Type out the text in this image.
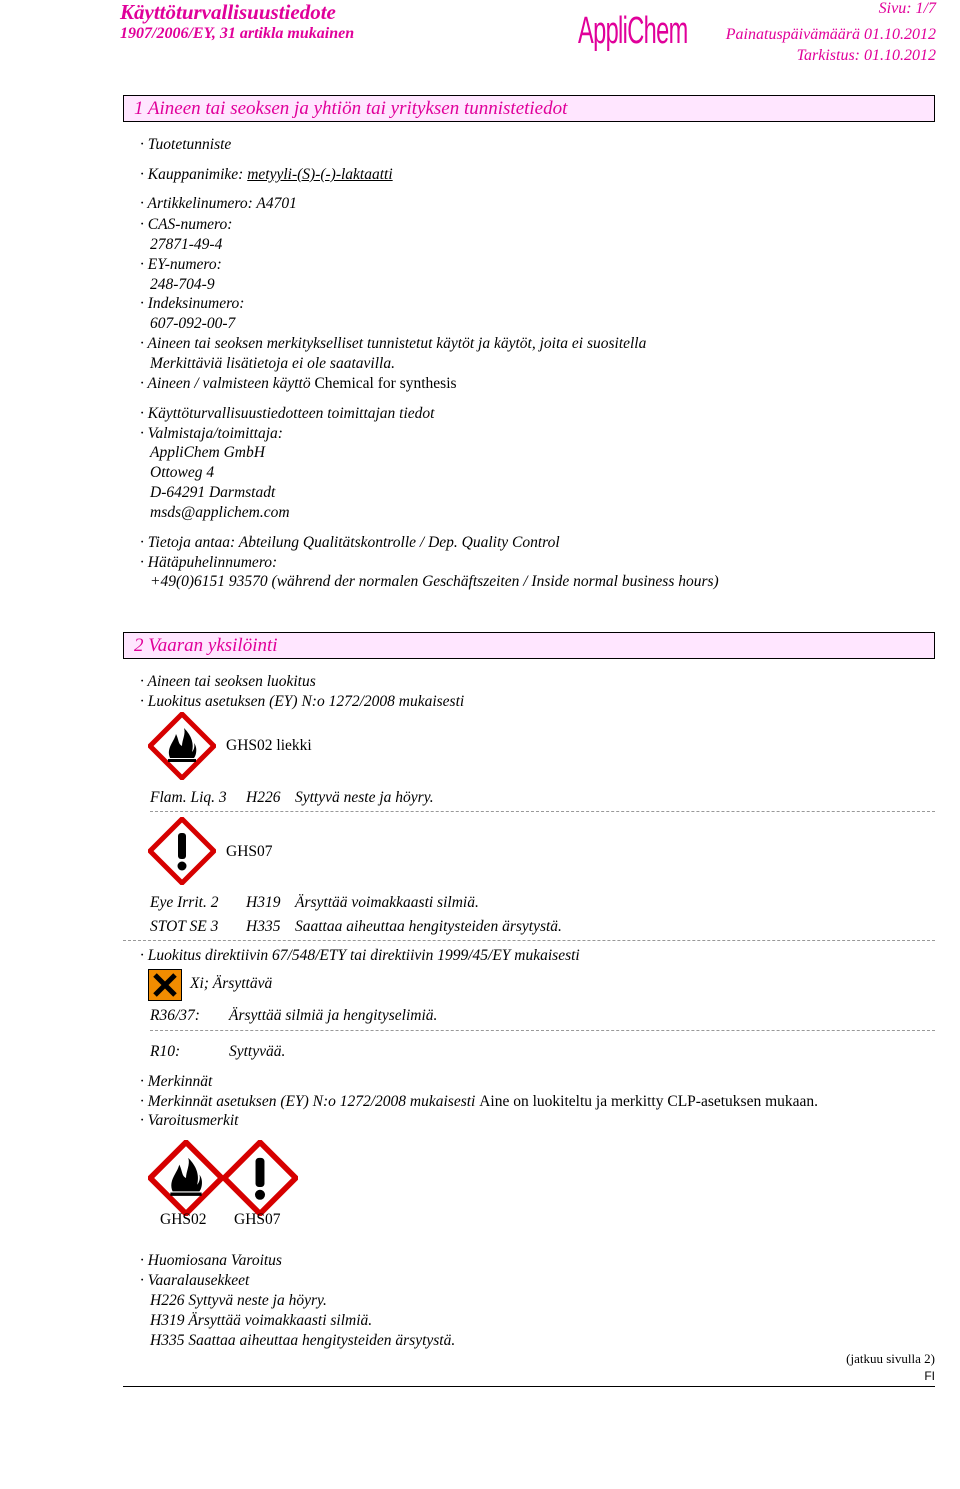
Käyttöturvallisuustiedote
1907/2006/EY, 31 artikla mukainen
Sivu: 1/7
AppliChem Painatuspäivämäärä 01.10.2012
Tarkistus: 01.10.2012
1 Aineen tai seoksen ja yhtiön tai yrityksen tunnistetiedot
· Tuotetunniste
· Kauppanimike: metyyli-(S)-(-)-laktaatti
· Artikkelinumero: A4701
· CAS-numero:
27871-49-4
· EY-numero:
248-704-9
· Indeksinumero:
607-092-00-7
· Aineen tai seoksen merkitykselliset tunnistetut käytöt ja käytöt, joita ei suositella
Merkittäviä lisätietoja ei ole saatavilla.
· Aineen / valmisteen käyttö Chemical for synthesis
· Käyttöturvallisuustiedotteen toimittajan tiedot
· Valmistaja/toimittaja:
AppliChem GmbH
Ottoweg 4
D-64291 Darmstadt
msds@applichem.com
· Tietoja antaa: Abteilung Qualitätskontrolle / Dep. Quality Control
· Hätäpuhelinnumero:
+49(0)6151 93570 (während der normalen Geschäftszeiten / Inside normal business hours)
2 Vaaran yksilöinti
· Aineen tai seoksen luokitus
· Luokitus asetuksen (EY) N:o 1272/2008 mukaisesti
GHS02 liekki
Flam. Liq. 3 H226 Syttyvä neste ja höyry.
GHS07
Eye Irrit. 2 H319 Ärsyttää voimakkaasti silmiä.
STOT SE 3 H335 Saattaa aiheuttaa hengitysteiden ärsytystä.
· Luokitus direktiivin 67/548/ETY tai direktiivin 1999/45/EY mukaisesti
Xi; Ärsyttävä
R36/37: Ärsyttää silmiä ja hengityselimiä.
R10:	Syttyvää.
· Merkinnät
· Merkinnät asetuksen (EY) N:o 1272/2008 mukaisesti Aine on luokiteltu ja merkitty CLP-asetuksen mukaan.
· Varoitusmerkit
GHS02 GHS07
· Huomiosana Varoitus
· Vaaralausekkeet
H226 Syttyvä neste ja höyry.
H319 Ärsyttää voimakkaasti silmiä.
H335 Saattaa aiheuttaa hengitysteiden ärsytystä.
(jatkuu sivulla 2)
FI
